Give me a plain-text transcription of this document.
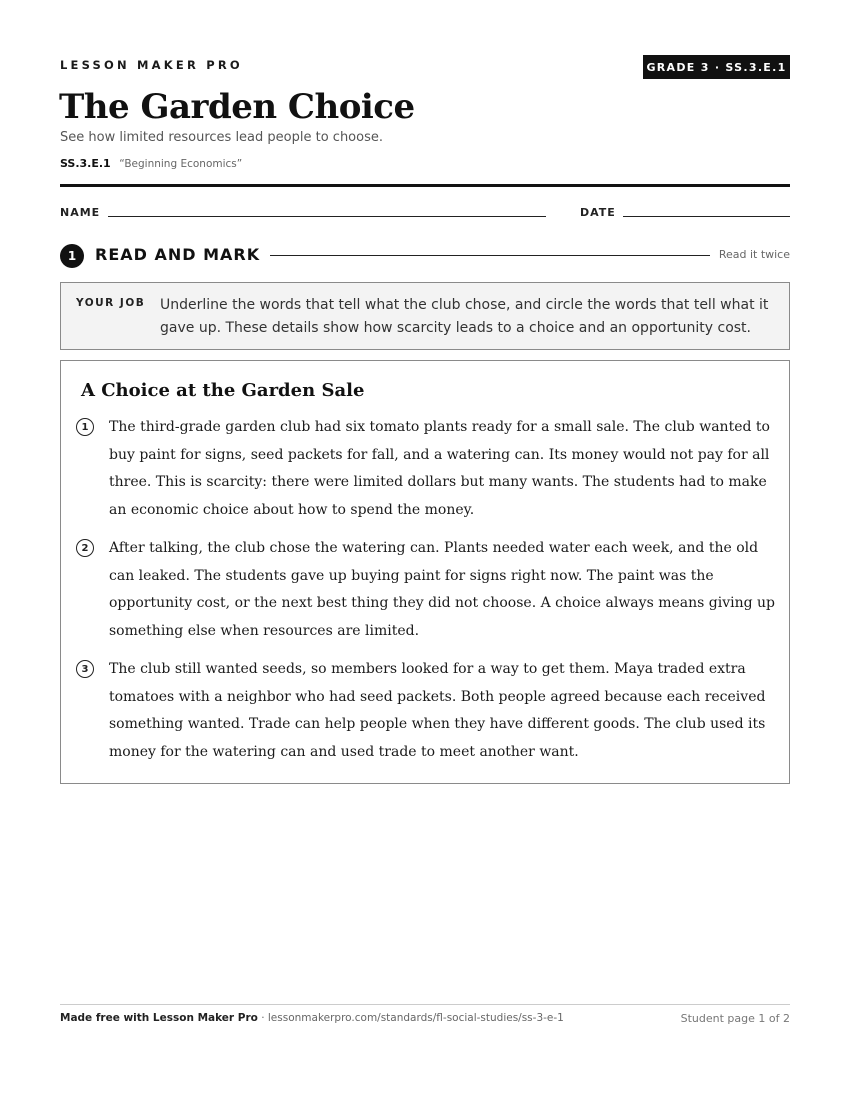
LESSON MAKER PRO	GRADE 3 · SS.3.E.1
The Garden Choice
See how limited resources lead people to choose.
SS.3.E.1 “Beginning Economics”
NAME	DATE
1	READ AND MARK	Read it twice
YOUR JOB Underline the words that tell what the club chose, and circle the words that tell what it gave up. These details show how scarcity leads to a choice and an opportunity cost.
A Choice at the Garden Sale
1	The third-grade garden club had six tomato plants ready for a small sale. The club wanted to buy paint for signs, seed packets for fall, and a watering can. Its money would not pay for all three. This is scarcity: there were limited dollars but many wants. The students had to make an economic choice about how to spend the money.

2	After talking, the club chose the watering can. Plants needed water each week, and the old can leaked. The students gave up buying paint for signs right now. The paint was the opportunity cost, or the next best thing they did not choose. A choice always means giving up something else when resources are limited.

3	The club still wanted seeds, so members looked for a way to get them. Maya traded extra tomatoes with a neighbor who had seed packets. Both people agreed because each received something wanted. Trade can help people when they have different goods. The club used its money for the watering can and used trade to meet another want.

Made free with Lesson Maker Pro · lessonmakerpro.com/standards/fl-social-studies/ss-3-e-1	Student page 1 of 2
